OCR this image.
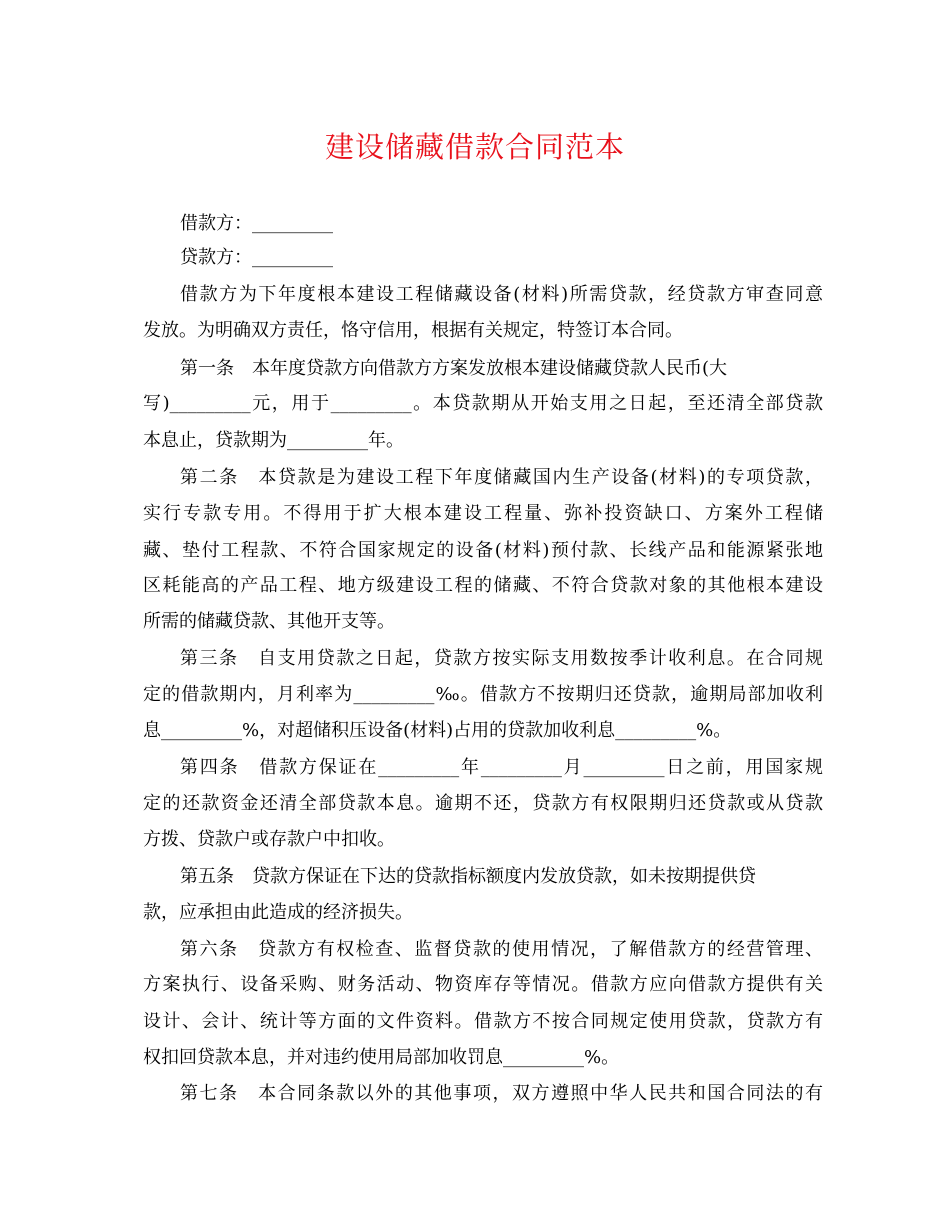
建设储藏借款合同范本
借款方：_________
贷款方：_________
借款方为下年度根本建设工程储藏设备(材料)所需贷款，经贷款方审查同意
发放。为明确双方责任，恪守信用，根据有关规定，特签订本合同。
第一条　本年度贷款方向借款方方案发放根本建设储藏贷款人民币(大
写)_________元，用于_________。本贷款期从开始支用之日起，至还清全部贷款
本息止，贷款期为_________年。
第二条　本贷款是为建设工程下年度储藏国内生产设备(材料)的专项贷款，
实行专款专用。不得用于扩大根本建设工程量、弥补投资缺口、方案外工程储
藏、垫付工程款、不符合国家规定的设备(材料)预付款、长线产品和能源紧张地
区耗能高的产品工程、地方级建设工程的储藏、不符合贷款对象的其他根本建设
所需的储藏贷款、其他开支等。
第三条　自支用贷款之日起，贷款方按实际支用数按季计收利息。在合同规
定的借款期内，月利率为_________‰。借款方不按期归还贷款，逾期局部加收利
息_________%，对超储积压设备(材料)占用的贷款加收利息_________%。
第四条　借款方保证在_________年_________月_________日之前，用国家规
定的还款资金还清全部贷款本息。逾期不还，贷款方有权限期归还贷款或从贷款
方拨、贷款户或存款户中扣收。
第五条　贷款方保证在下达的贷款指标额度内发放贷款，如未按期提供贷
款，应承担由此造成的经济损失。
第六条　贷款方有权检查、监督贷款的使用情况，了解借款方的经营管理、
方案执行、设备采购、财务活动、物资库存等情况。借款方应向借款方提供有关
设计、会计、统计等方面的文件资料。借款方不按合同规定使用贷款，贷款方有
权扣回贷款本息，并对违约使用局部加收罚息_________%。
第七条　本合同条款以外的其他事项，双方遵照中华人民共和国合同法的有
